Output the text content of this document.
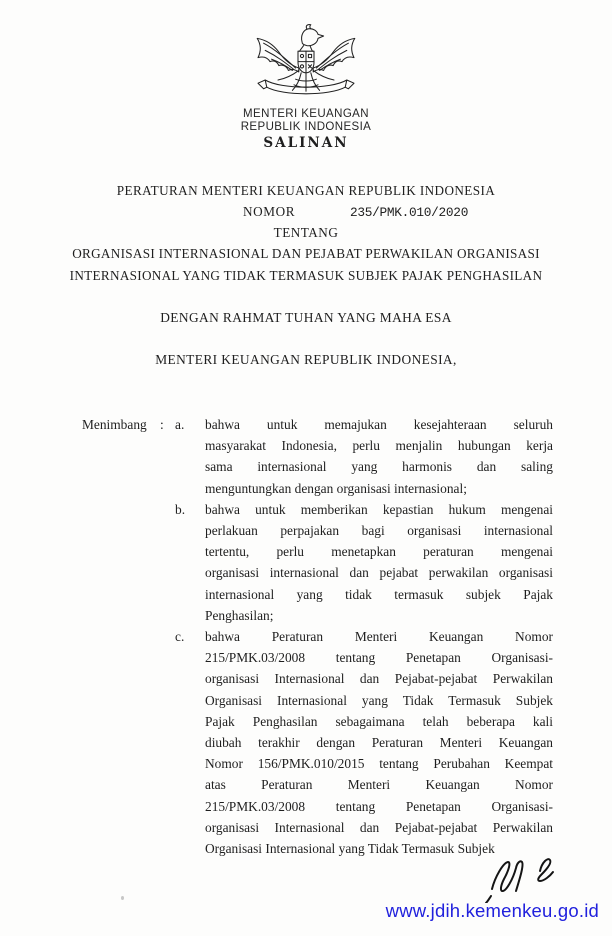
MENTERI KEUANGAN
REPUBLIK INDONESIA
SALINAN
PERATURAN MENTERI KEUANGAN REPUBLIK INDONESIA
NOMOR	235/PMK.010/2020
TENTANG
ORGANISASI INTERNASIONAL DAN PEJABAT PERWAKILAN ORGANISASI
INTERNASIONAL YANG TIDAK TERMASUK SUBJEK PAJAK PENGHASILAN
DENGAN RAHMAT TUHAN YANG MAHA ESA
MENTERI KEUANGAN REPUBLIK INDONESIA,
Menimbang : a.	bahwa untuk memajukan kesejahteraan seluruh
masyarakat Indonesia, perlu menjalin hubungan kerja
sama internasional yang harmonis dan saling
menguntungkan dengan organisasi internasional;
b.	bahwa untuk memberikan kepastian hukum mengenai
perlakuan perpajakan bagi organisasi internasional
tertentu, perlu menetapkan peraturan mengenai
organisasi internasional dan pejabat perwakilan organisasi
internasional yang tidak termasuk subjek Pajak
Penghasilan;
c.	bahwa Peraturan Menteri Keuangan Nomor
215/PMK.03/2008 tentang Penetapan Organisasi-
organisasi Internasional dan Pejabat-pejabat Perwakilan
Organisasi Internasional yang Tidak Termasuk Subjek
Pajak Penghasilan sebagaimana telah beberapa kali
diubah terakhir dengan Peraturan Menteri Keuangan
Nomor 156/PMK.010/2015 tentang Perubahan Keempat
atas Peraturan Menteri Keuangan Nomor
215/PMK.03/2008 tentang Penetapan Organisasi-
organisasi Internasional dan Pejabat-pejabat Perwakilan
Organisasi Internasional yang Tidak Termasuk Subjek
www.jdih.kemenkeu.go.id
